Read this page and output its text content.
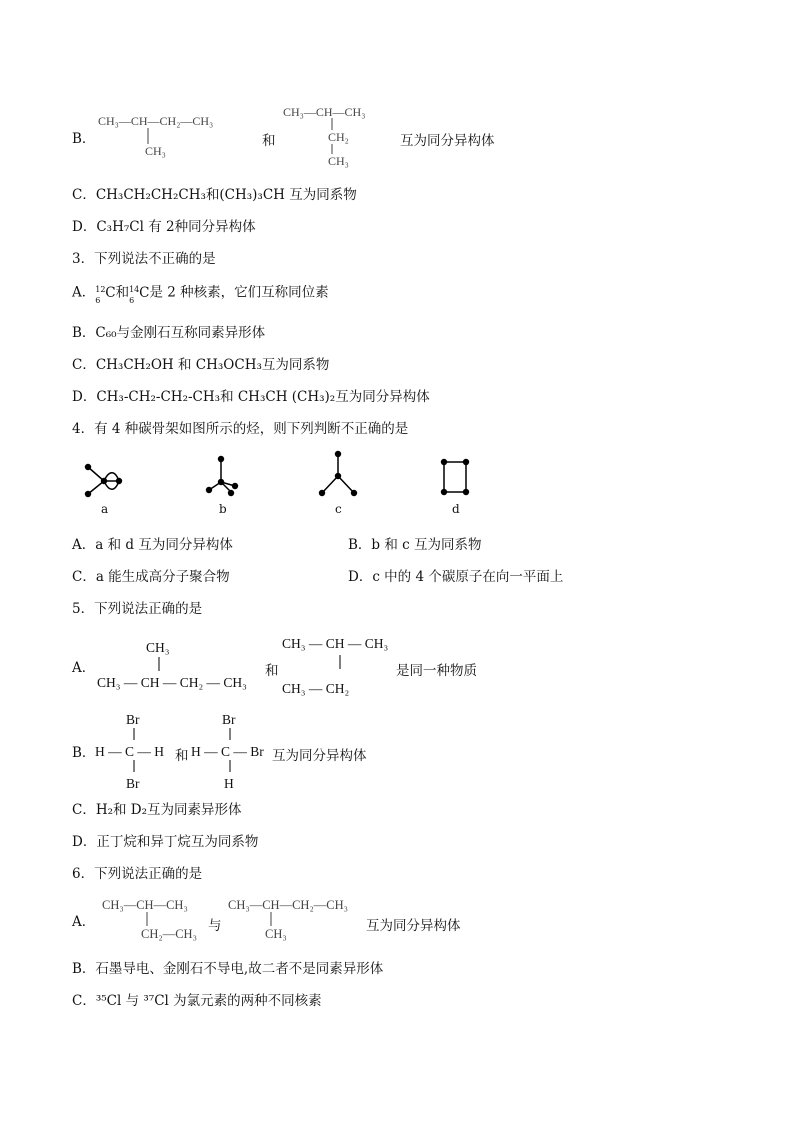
B．
CH₃—CH—CH₂—CH₃
CH₃
和
CH₃—CH—CH₃
CH₂
CH₃
互为同分异构体
C．CH₃CH₂CH₂CH₃和(CH₃)₃CH 互为同系物
D．C₃H₇Cl 有 2种同分异构体
3．下列说法不正确的是
A． 12
6 C和 14
6 C是 2 种核素，它们互称同位素
B．C₆₀与金刚石互称同素异形体
C．CH₃CH₂OH 和 CH₃OCH₃互为同系物
D．CH₃-CH₂-CH₂-CH₃和 CH₃CH (CH₃)₂互为同分异构体
4．有 4 种碳骨架如图所示的烃，则下列判断不正确的是
a	b	c	d
A．a 和 d 互为同分异构体	B．b 和 c 互为同系物
C．a 能生成高分子聚合物	D．c 中的 4 个碳原子在向一平面上
5．下列说法正确的是
A．
CH₃
CH₃ — CH — CH₂ — CH₃
和
CH₃ — CH — CH₃
CH₃ — CH₂
是同一种物质
B．
Br
H — C — H
Br
和
Br
H — C — Br
H
互为同分异构体
C．H₂和 D₂互为同素异形体
D．正丁烷和异丁烷互为同系物
6．下列说法正确的是
A．
CH₃—CH—CH₃
CH₂—CH₃ 与
CH₃—CH—CH₂—CH₃
CH₃	互为同分异构体
B．石墨导电、金刚石不导电,故二者不是同素异形体
C．³⁵Cl 与 ³⁷Cl 为氯元素的两种不同核素
